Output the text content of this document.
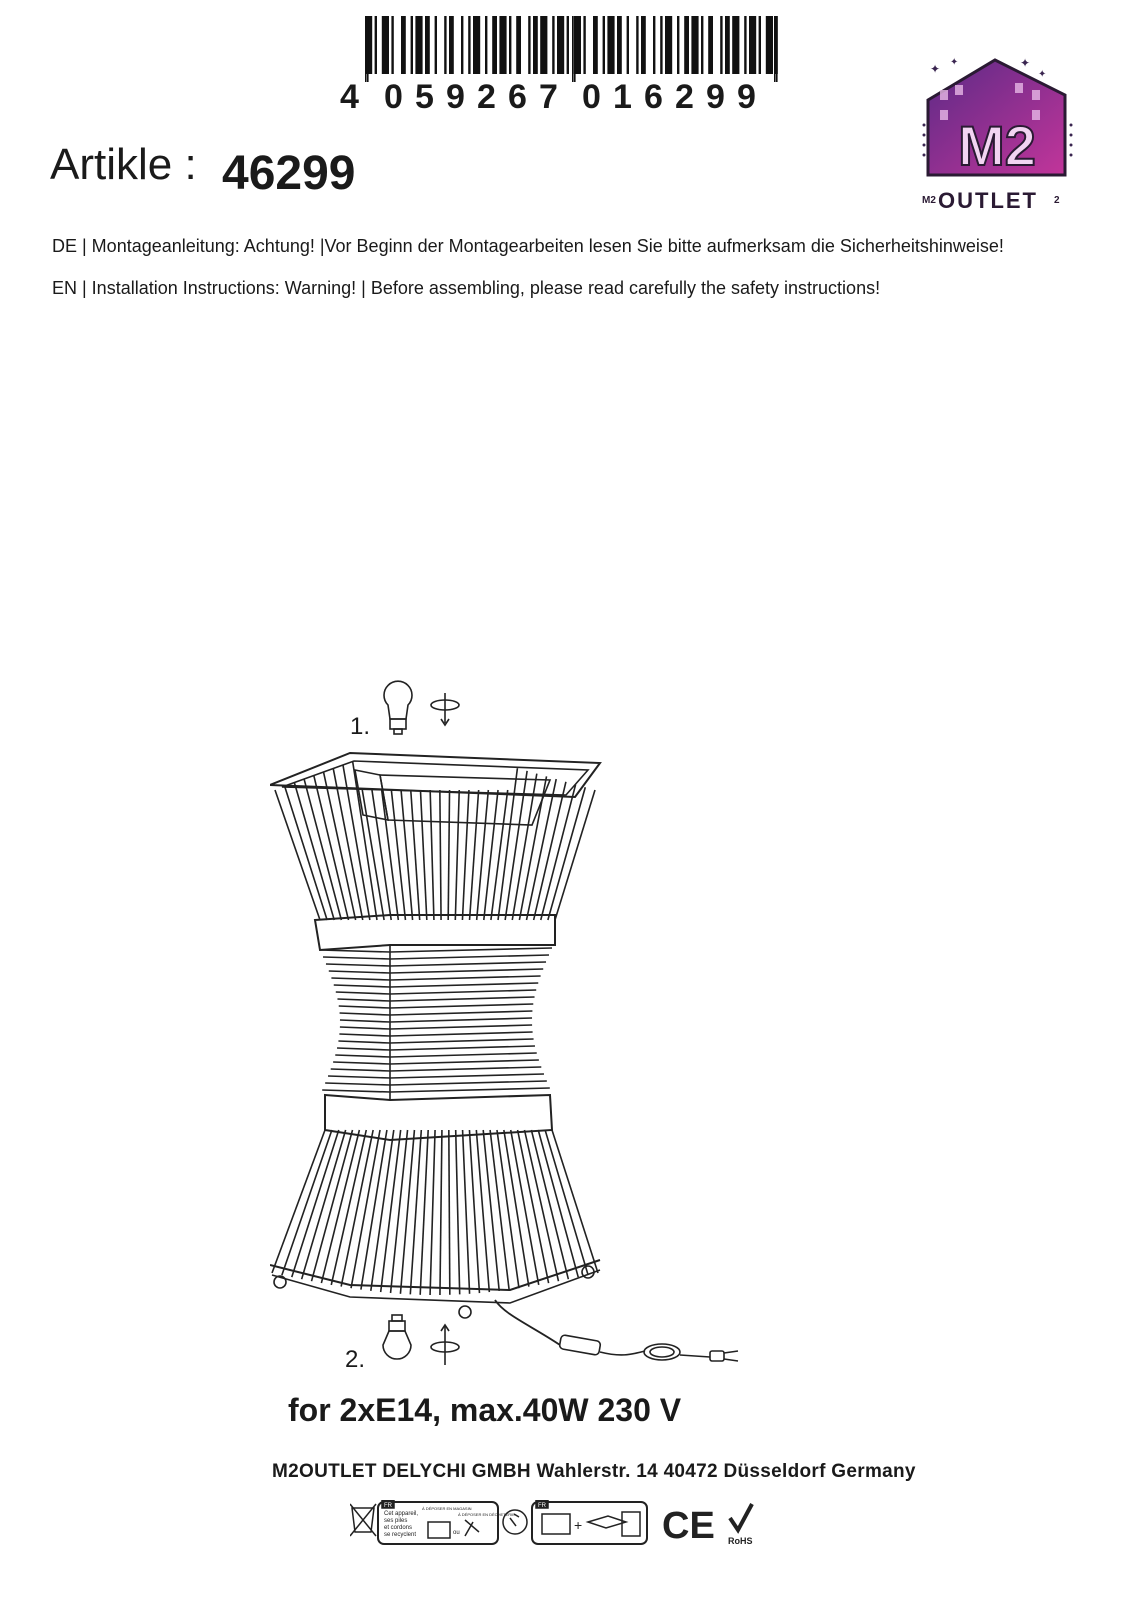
4 0 5 9 2 6 7 0 1 6 2 9 9
Artikle : 46299
DE | Montageanleitung: Achtung! |Vor Beginn der Montagearbeiten lesen Sie bitte aufmerksam die Sicherheitshinweise!
EN | Installation Instructions: Warning! | Before assembling, please read carefully the safety instructions!
✦ ✦	✦
✦
M2
M2 OUTLET 2
1.
2.
for 2xE14, max.40W 230 V
M2OUTLET DELYCHI GMBH Wahlerstr. 14 40472 Düsseldorf Germany
+
FR	FR
Cet appareil,
ses piles
et cordons
se recyclent
À DÉPOSER EN MAGASIN
À DÉPOSER EN DÉCHETERIE
ou	CE RoHS
